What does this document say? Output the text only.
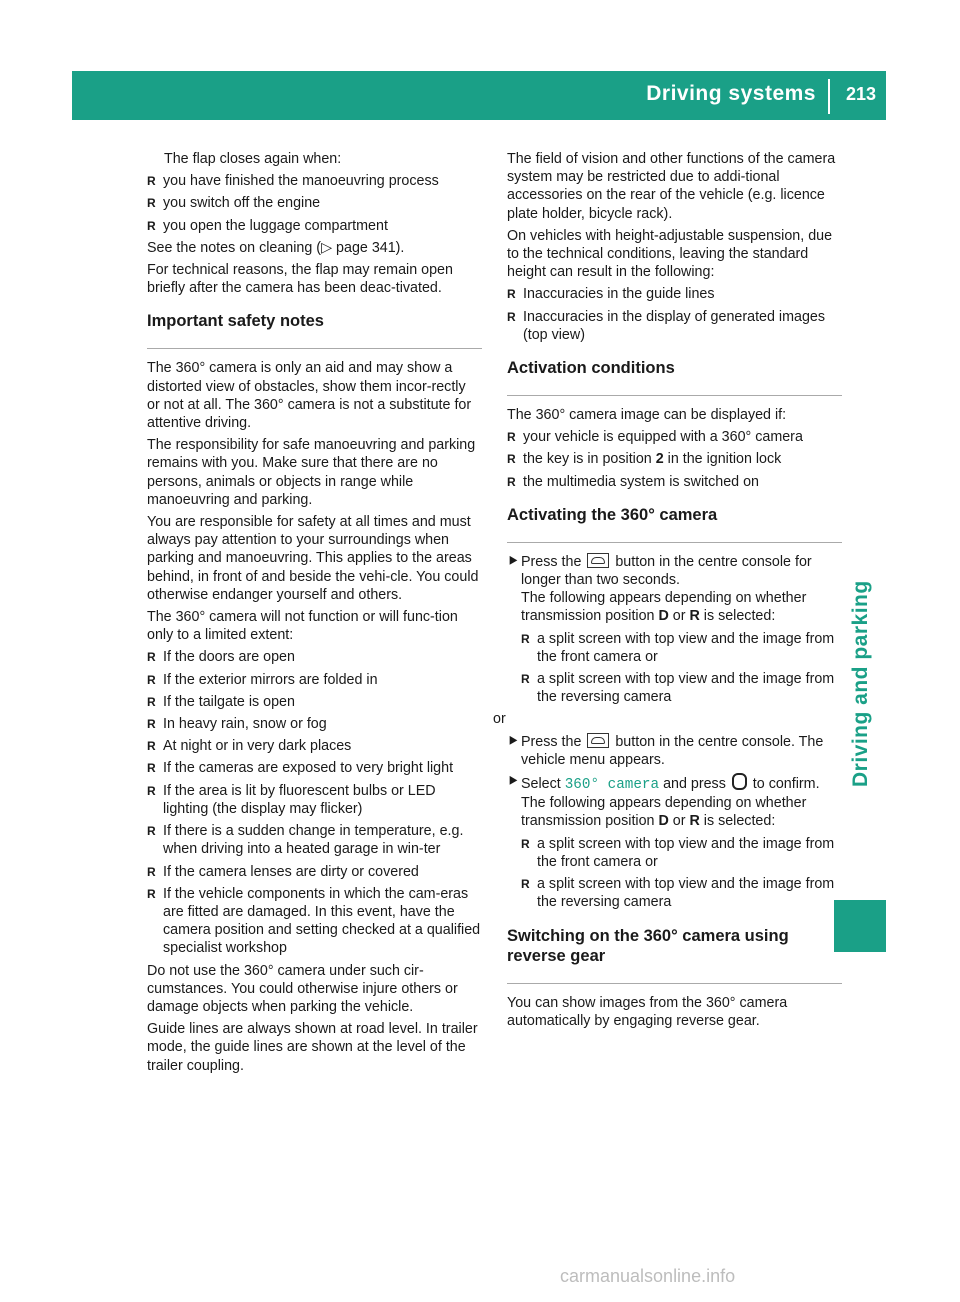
Driving systems 213
Driving and parking

The flap closes again when:

R you have finished the manoeuvring process
R you switch off the engine
R you open the luggage compartment

See the notes on cleaning (▷ page 341).

For technical reasons, the flap may remain open briefly after the camera has been deac-tivated.

Important safety notes

The 360° camera is only an aid and may show a distorted view of obstacles, show them incor-rectly or not at all. The 360° camera is not a substitute for attentive driving.

The responsibility for safe manoeuvring and parking remains with you. Make sure that there are no persons, animals or objects in range while manoeuvring and parking.

You are responsible for safety at all times and must always pay attention to your surroundings when parking and manoeuvring. This applies to the areas behind, in front of and beside the vehi-cle. You could otherwise endanger yourself and others.

The 360° camera will not function or will func-tion only to a limited extent:

R If the doors are open
R If the exterior mirrors are folded in
R If the tailgate is open
R In heavy rain, snow or fog
R At night or in very dark places
R If the cameras are exposed to very bright light
R If the area is lit by fluorescent bulbs or LED lighting (the display may flicker)
R If there is a sudden change in temperature, e.g. when driving into a heated garage in win-ter
R If the camera lenses are dirty or covered
R If the vehicle components in which the cam-eras are fitted are damaged. In this event, have the camera position and setting checked at a qualified specialist workshop

Do not use the 360° camera under such cir-cumstances. You could otherwise injure others or damage objects when parking the vehicle.

Guide lines are always shown at road level. In trailer mode, the guide lines are shown at the level of the trailer coupling.

The field of vision and other functions of the camera system may be restricted due to addi-tional accessories on the rear of the vehicle (e.g. licence plate holder, bicycle rack).

On vehicles with height-adjustable suspension, due to the technical conditions, leaving the standard height can result in the following:

R Inaccuracies in the guide lines
R Inaccuracies in the display of generated images (top view)
Activation conditions

The 360° camera image can be displayed if:

R your vehicle is equipped with a 360° camera
R the key is in position 2 in the ignition lock
R the multimedia system is switched on
Activating the 360° camera
⯈ Press the  button in the centre console for longer than two seconds.
The following appears depending on whether transmission position D or R is selected:
R a split screen with top view and the image from the front camera or
R a split screen with top view and the image from the reversing camera

or

⯈ Press the  button in the centre console. The vehicle menu appears.
⯈ Select 360° camera and press  to confirm.
The following appears depending on whether transmission position D or R is selected:
R a split screen with top view and the image from the front camera or
R a split screen with top view and the image from the reversing camera
Switching on the 360° camera using reverse gear

You can show images from the 360° camera automatically by engaging reverse gear.

carmanualsonline.info
